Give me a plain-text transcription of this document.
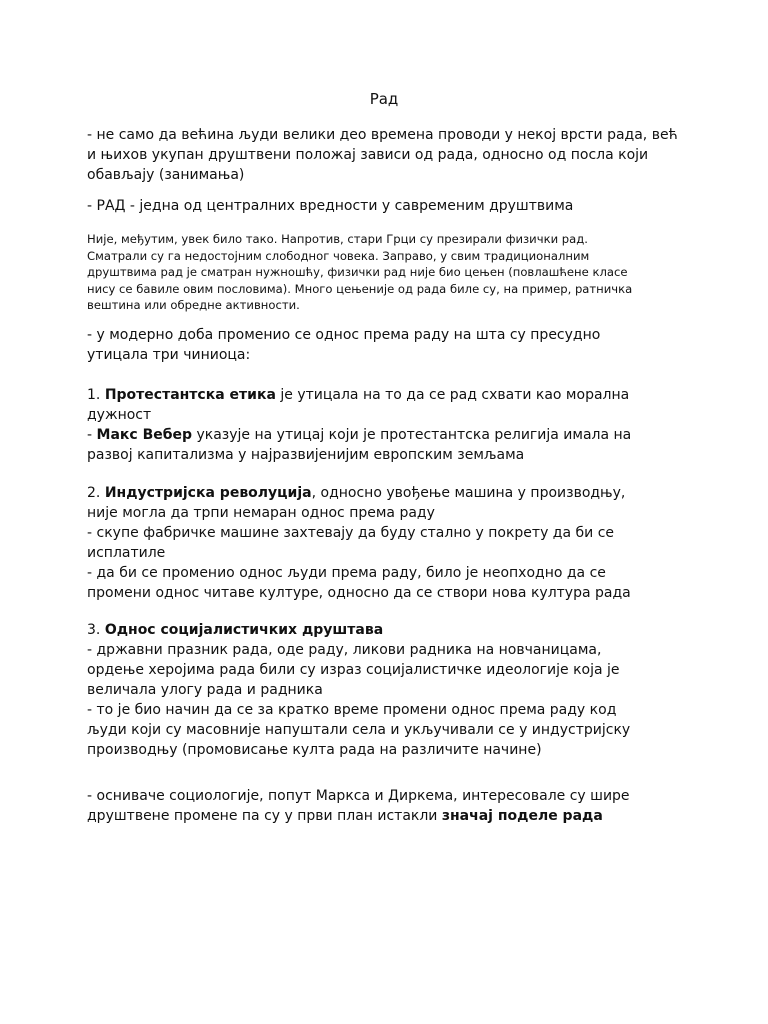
Рад

- не само да већина људи велики део времена проводи у некој врсти рада, већ и њихов укупан друштвени положај зависи од рада, односно од посла који обављају (занимања)

- РАД - једна од централних вредности у савременим друштвима

Није, међутим, увек било тако. Напротив, стари Грци су презирали физички рад.

Сматрали су га недостојним слободног човека. Заправо, у свим традиционалним

друштвима рад је сматран нужношћу, физички рад није био цењен (повлашћене класе

нису се бавиле овим пословима). Много цењеније од рада биле су, на пример, ратничка

вештина или обредне активности.

- у модерно доба променио се однос према раду на шта су пресудно

утицала три чиниоца:

1. Протестантска етика је утицала на то да се рад схвати као морална

дужност

- Макс Вебер указује на утицај који је протестантска религија имала на

развој капитализма у најразвијенијим европским земљама

2. Индустријска револуција, односно увођење машина у производњу,

није могла да трпи немаран однос према раду

- скупе фабричке машине захтевају да буду стално у покрету да би се

исплатиле

- да би се променио однос људи према раду, било је неопходно да се

промени однос читаве културе, односно да се створи нова култура рада

3. Однос социјалистичких друштава

- државни празник рада, оде раду, ликови радника на новчаницама,

ордење херојима рада били су израз социјалистичке идеологије која је

величала улогу рада и радника

- то је био начин да се за кратко време промени однос према раду код

људи који су масовније напуштали села и укључивали се у индустријску

производњу (промовисање култа рада на различите начине)

- оснивачe социологије, попут Маркса и Диркема, интересовале су шире

друштвене промене па су у први план истакли значај поделе рада
